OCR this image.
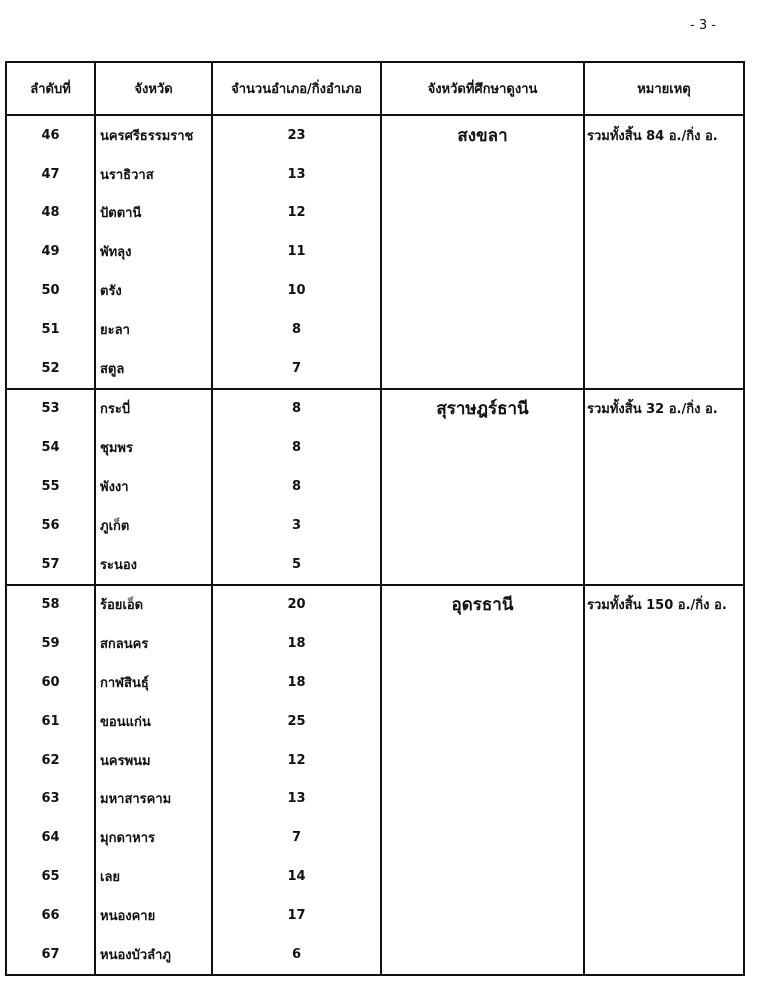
- 3 -
ลำดับที่	จังหวัด	จำนวนอำเภอ/กิ่งอำเภอ	จังหวัดที่ศึกษาดูงาน	หมายเหตุ
46	นครศรีธรรมราช	23	สงขลา	รวมทั้งสิ้น 84 อ./กิ่ง อ.
47	นราธิวาส	13		
48	ปัตตานี	12		
49	พัทลุง	11		
50	ตรัง	10		
51	ยะลา	8		
52	สตูล	7		
53	กระบี่	8	สุราษฎร์ธานี	รวมทั้งสิ้น 32 อ./กิ่ง อ.
54	ชุมพร	8		
55	พังงา	8		
56	ภูเก็ต	3		
57	ระนอง	5		
58	ร้อยเอ็ด	20	อุดรธานี	รวมทั้งสิ้น 150 อ./กิ่ง อ.
59	สกลนคร	18		
60	กาฬสินธุ์	18		
61	ขอนแก่น	25		
62	นครพนม	12		
63	มหาสารคาม	13		
64	มุกดาหาร	7		
65	เลย	14		
66	หนองคาย	17		
67	หนองบัวลำภู	6		
